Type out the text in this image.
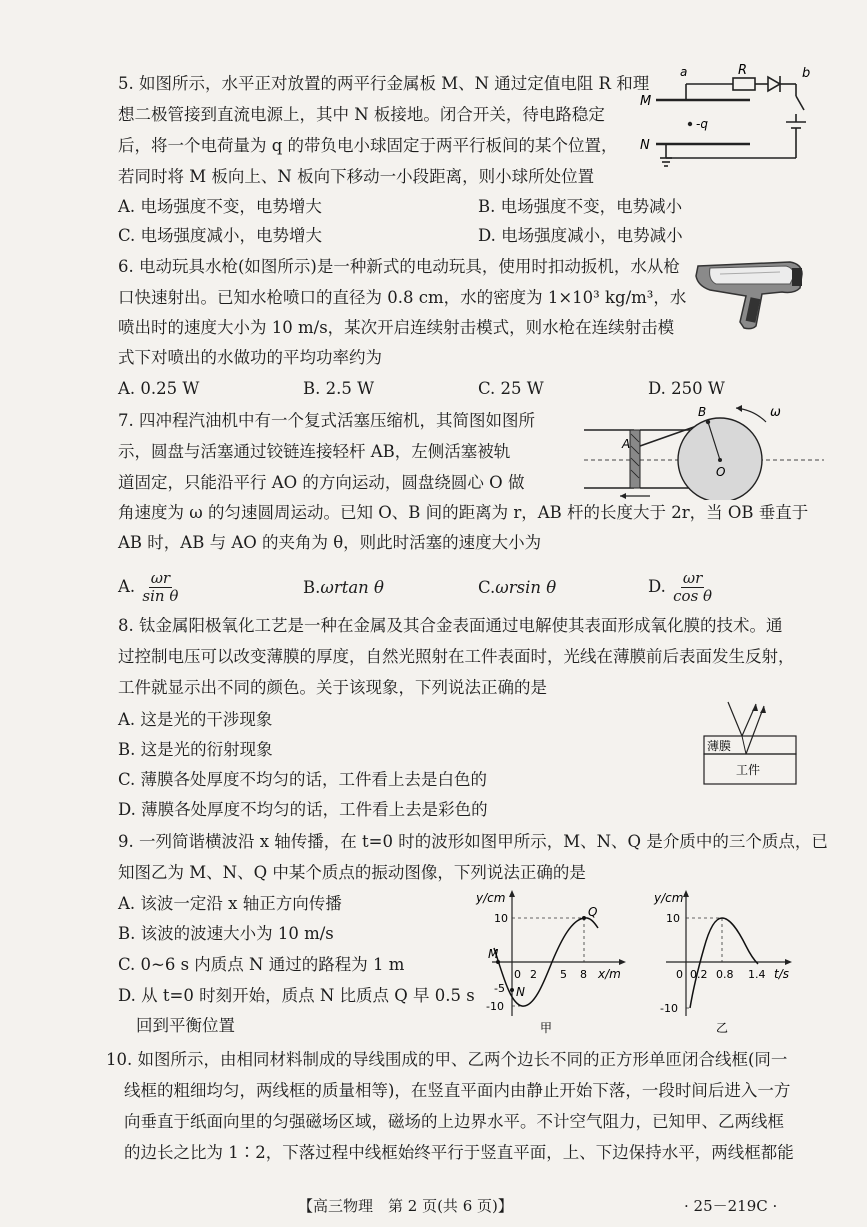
5. 如图所示，水平正对放置的两平行金属板 M、N 通过定值电阻 R 和理
想二极管接到直流电源上，其中 N 板接地。闭合开关，待电路稳定
后，将一个电荷量为 q 的带负电小球固定于两平行板间的某个位置，
若同时将 M 板向上、N 板向下移动一小段距离，则小球所处位置
A. 电场强度不变，电势增大	B. 电场强度不变，电势减小
C. 电场强度减小，电势增大	D. 电场强度减小，电势减小
a	R	b
M
N
-q
6. 电动玩具水枪(如图所示)是一种新式的电动玩具，使用时扣动扳机，水从枪
口快速射出。已知水枪喷口的直径为 0.8 cm，水的密度为 1×10³ kg/m³，水
喷出时的速度大小为 10 m/s，某次开启连续射击模式，则水枪在连续射击模
式下对喷出的水做功的平均功率约为
A. 0.25 W	B. 2.5 W	C. 25 W	D. 250 W
7. 四冲程汽油机中有一个复式活塞压缩机，其简图如图所
示，圆盘与活塞通过铰链连接轻杆 AB，左侧活塞被轨
道固定，只能沿平行 AO 的方向运动，圆盘绕圆心 O 做
角速度为 ω 的匀速圆周运动。已知 O、B 间的距离为 r，AB 杆的长度大于 2r，当 OB 垂直于
AB 时，AB 与 AO 的夹角为 θ，则此时活塞的速度大小为
A. $\frac{\omega r}{\text{sin θ}}$	B.ωrtan θ	C.ωrsin θ	D. $\frac{\omega r}{\text{cos θ}}$
A
B
O
ω
8. 钛金属阳极氧化工艺是一种在金属及其合金表面通过电解使其表面形成氧化膜的技术。通
过控制电压可以改变薄膜的厚度，自然光照射在工件表面时，光线在薄膜前后表面发生反射，
工件就显示出不同的颜色。关于该现象，下列说法正确的是
A. 这是光的干涉现象
B. 这是光的衍射现象
C. 薄膜各处厚度不均匀的话，工件看上去是白色的
D. 薄膜各处厚度不均匀的话，工件看上去是彩色的
薄膜
工件
9. 一列简谐横波沿 x 轴传播，在 t=0 时的波形如图甲所示，M、N、Q 是介质中的三个质点，已
知图乙为 M、N、Q 中某个质点的振动图像，下列说法正确的是
A. 该波一定沿 x 轴正方向传播
B. 该波的波速大小为 10 m/s
C. 0~6 s 内质点 N 通过的路程为 1 m
D. 从 t=0 时刻开始，质点 N 比质点 Q 早 0.5 s
回到平衡位置
y/cm
x/m
0 2 5 8
10
-5
-10
M
N
Q
甲
y/cm
t/s
0 0.2 0.8 1.4
10
-10
乙
10. 如图所示，由相同材料制成的导线围成的甲、乙两个边长不同的正方形单匝闭合线框(同一
线框的粗细均匀，两线框的质量相等)，在竖直平面内由静止开始下落，一段时间后进入一方
向垂直于纸面向里的匀强磁场区域，磁场的上边界水平。不计空气阻力，已知甲、乙两线框
的边长之比为 1∶2，下落过程中线框始终平行于竖直平面，上、下边保持水平，两线框都能
【高三物理　第 2 页(共 6 页)】	· 25－219C ·
